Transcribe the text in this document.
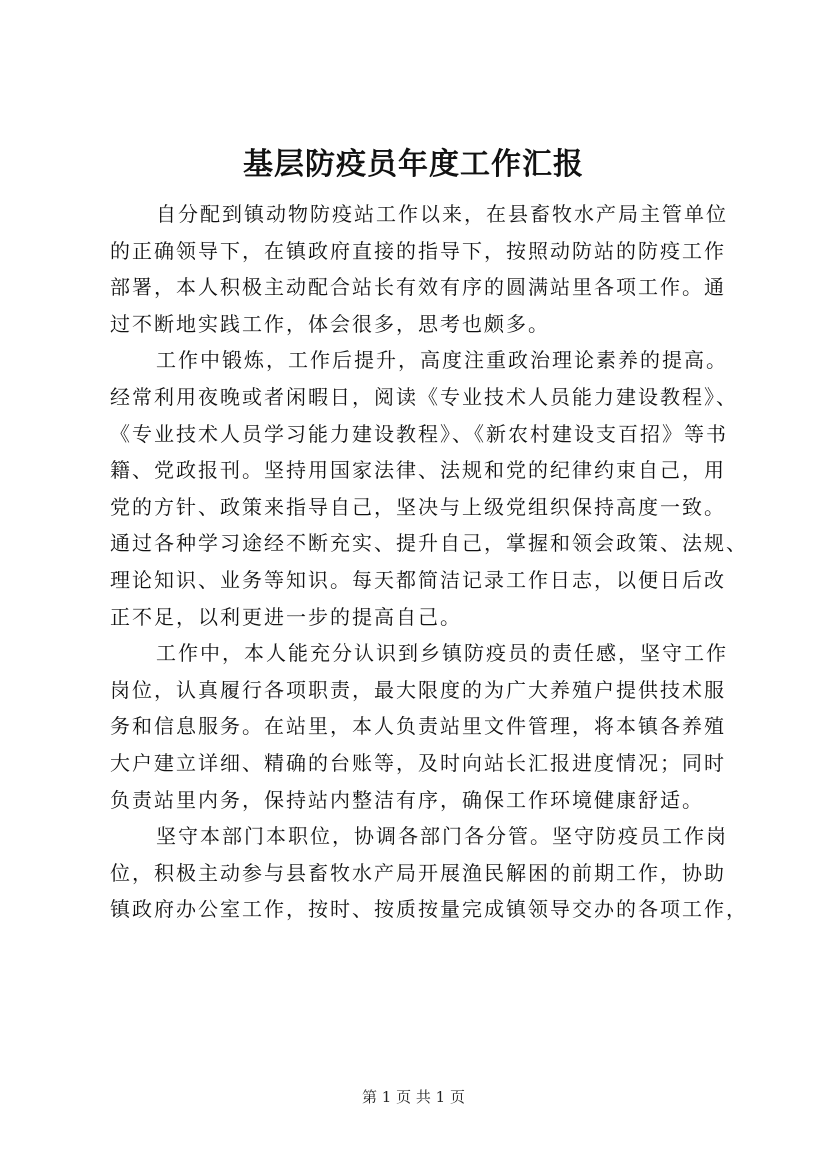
基层防疫员年度工作汇报
自分配到镇动物防疫站工作以来，在县畜牧水产局主管单位
的正确领导下，在镇政府直接的指导下，按照动防站的防疫工作
部署，本人积极主动配合站长有效有序的圆满站里各项工作。通
过不断地实践工作，体会很多，思考也颇多。
工作中锻炼，工作后提升，高度注重政治理论素养的提高。
经常利用夜晚或者闲暇日，阅读《专业技术人员能力建设教程》、
《专业技术人员学习能力建设教程》、《新农村建设支百招》等书
籍、党政报刊。坚持用国家法律、法规和党的纪律约束自己，用
党的方针、政策来指导自己，坚决与上级党组织保持高度一致。
通过各种学习途经不断充实、提升自己，掌握和领会政策、法规、
理论知识、业务等知识。每天都简洁记录工作日志，以便日后改
正不足，以利更进一步的提高自己。
工作中，本人能充分认识到乡镇防疫员的责任感，坚守工作
岗位，认真履行各项职责，最大限度的为广大养殖户提供技术服
务和信息服务。在站里，本人负责站里文件管理，将本镇各养殖
大户建立详细、精确的台账等，及时向站长汇报进度情况；同时
负责站里内务，保持站内整洁有序，确保工作环境健康舒适。
坚守本部门本职位，协调各部门各分管。坚守防疫员工作岗
位，积极主动参与县畜牧水产局开展渔民解困的前期工作，协助
镇政府办公室工作，按时、按质按量完成镇领导交办的各项工作，
第 1 页 共 1 页
